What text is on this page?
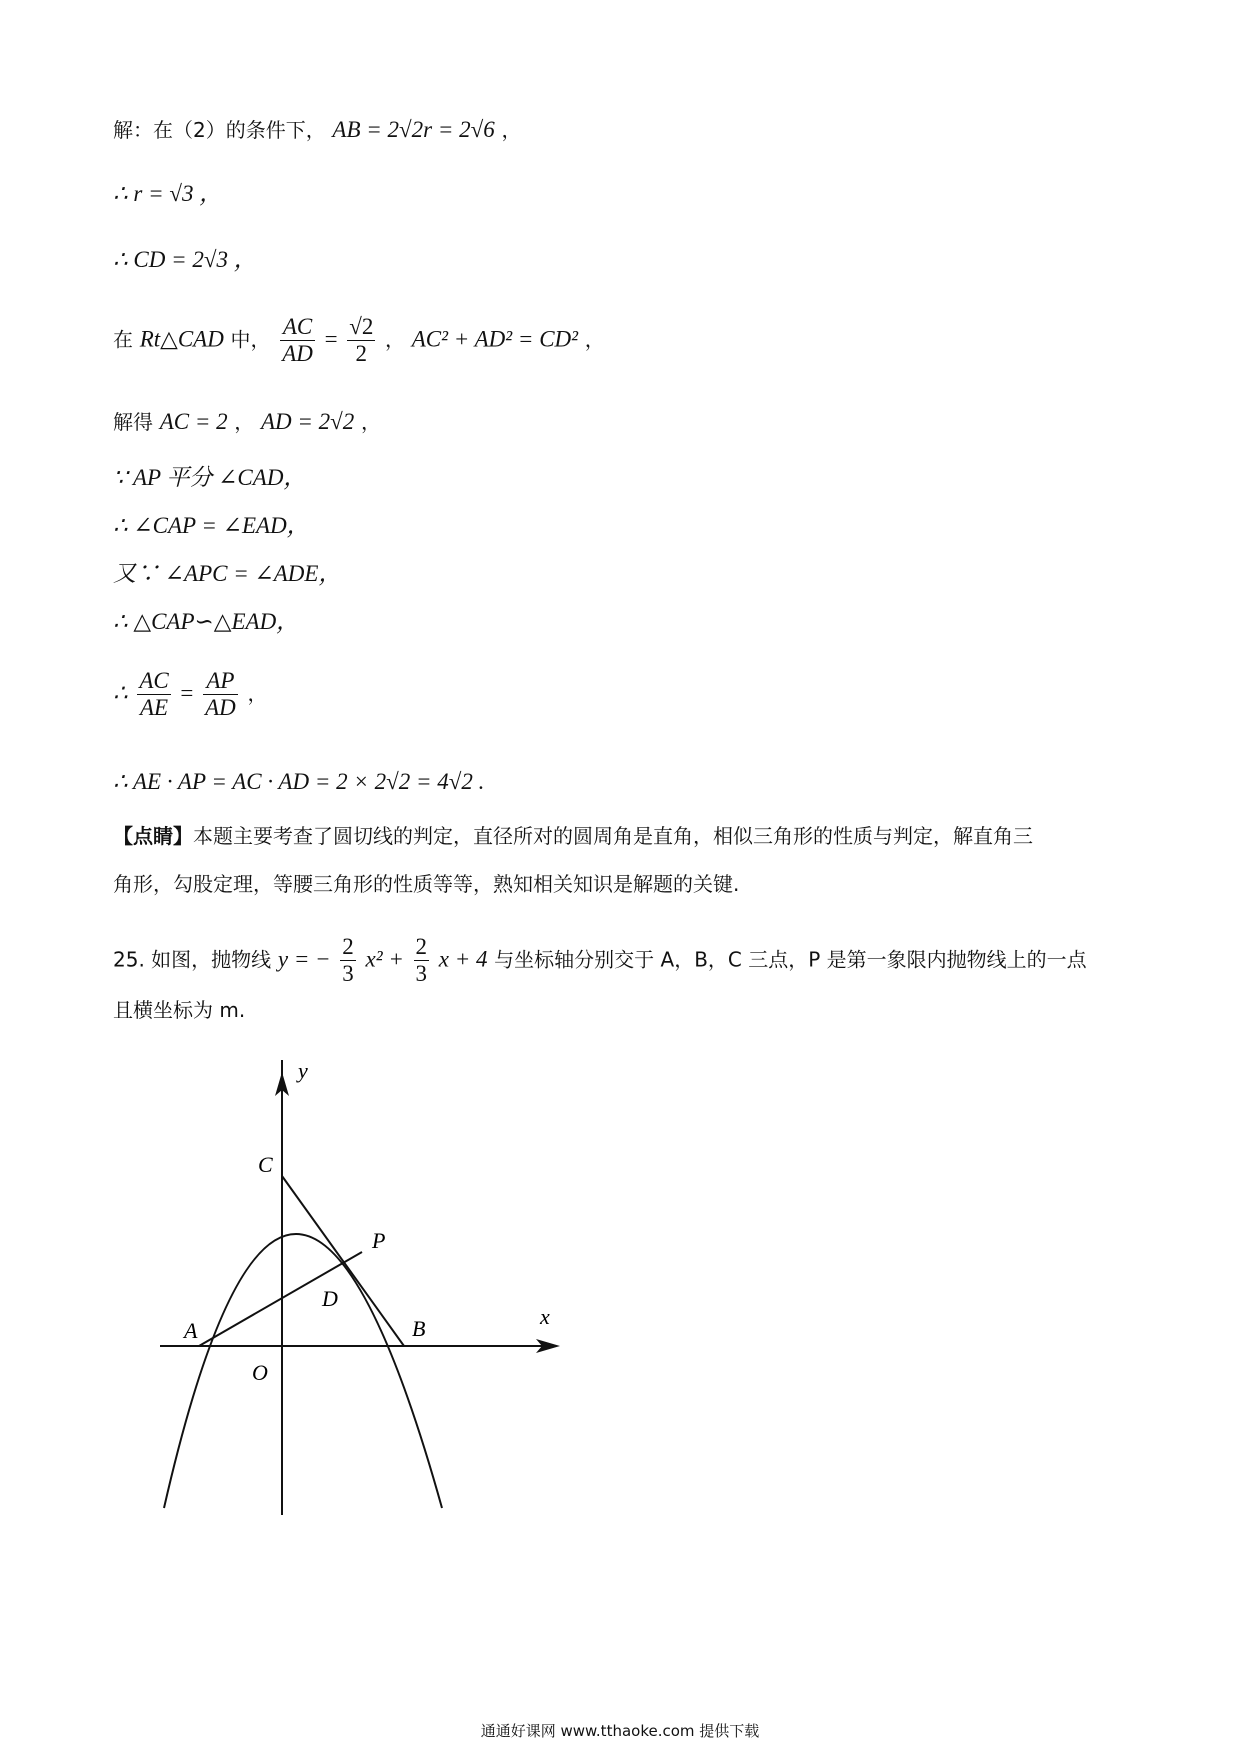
解：在（2）的条件下， AB = 2√2r = 2√6 ，
∴ r = √3 ，
∴ CD = 2√3 ，
在 Rt△CAD 中， $\frac{AC}{AD} = \frac{√2}{2}$ ， AC² + AD² = CD² ，
解得 AC = 2 ， AD = 2√2 ，
∵ AP 平分 ∠CAD，
∴ ∠CAP = ∠EAD，
又∵ ∠APC = ∠ADE，
∴ △CAP∽△EAD，
∴ $\frac{AC}{AE} = \frac{AP}{AD}$ ，
∴ AE · AP = AC · AD = 2 × 2√2 = 4√2 .
【点睛】本题主要考查了圆切线的判定，直径所对的圆周角是直角，相似三角形的性质与判定，解直角三
角形，勾股定理，等腰三角形的性质等等，熟知相关知识是解题的关键.
25. 如图，抛物线 y = − $\frac{2}{3} x^2 + \frac{2}{3}$ x + 4 与坐标轴分别交于 A，B，C 三点，P 是第一象限内抛物线上的一点
且横坐标为 m.
y
x
C
P
D
A	B
O
通通好课网 www.tthaoke.com 提供下载
